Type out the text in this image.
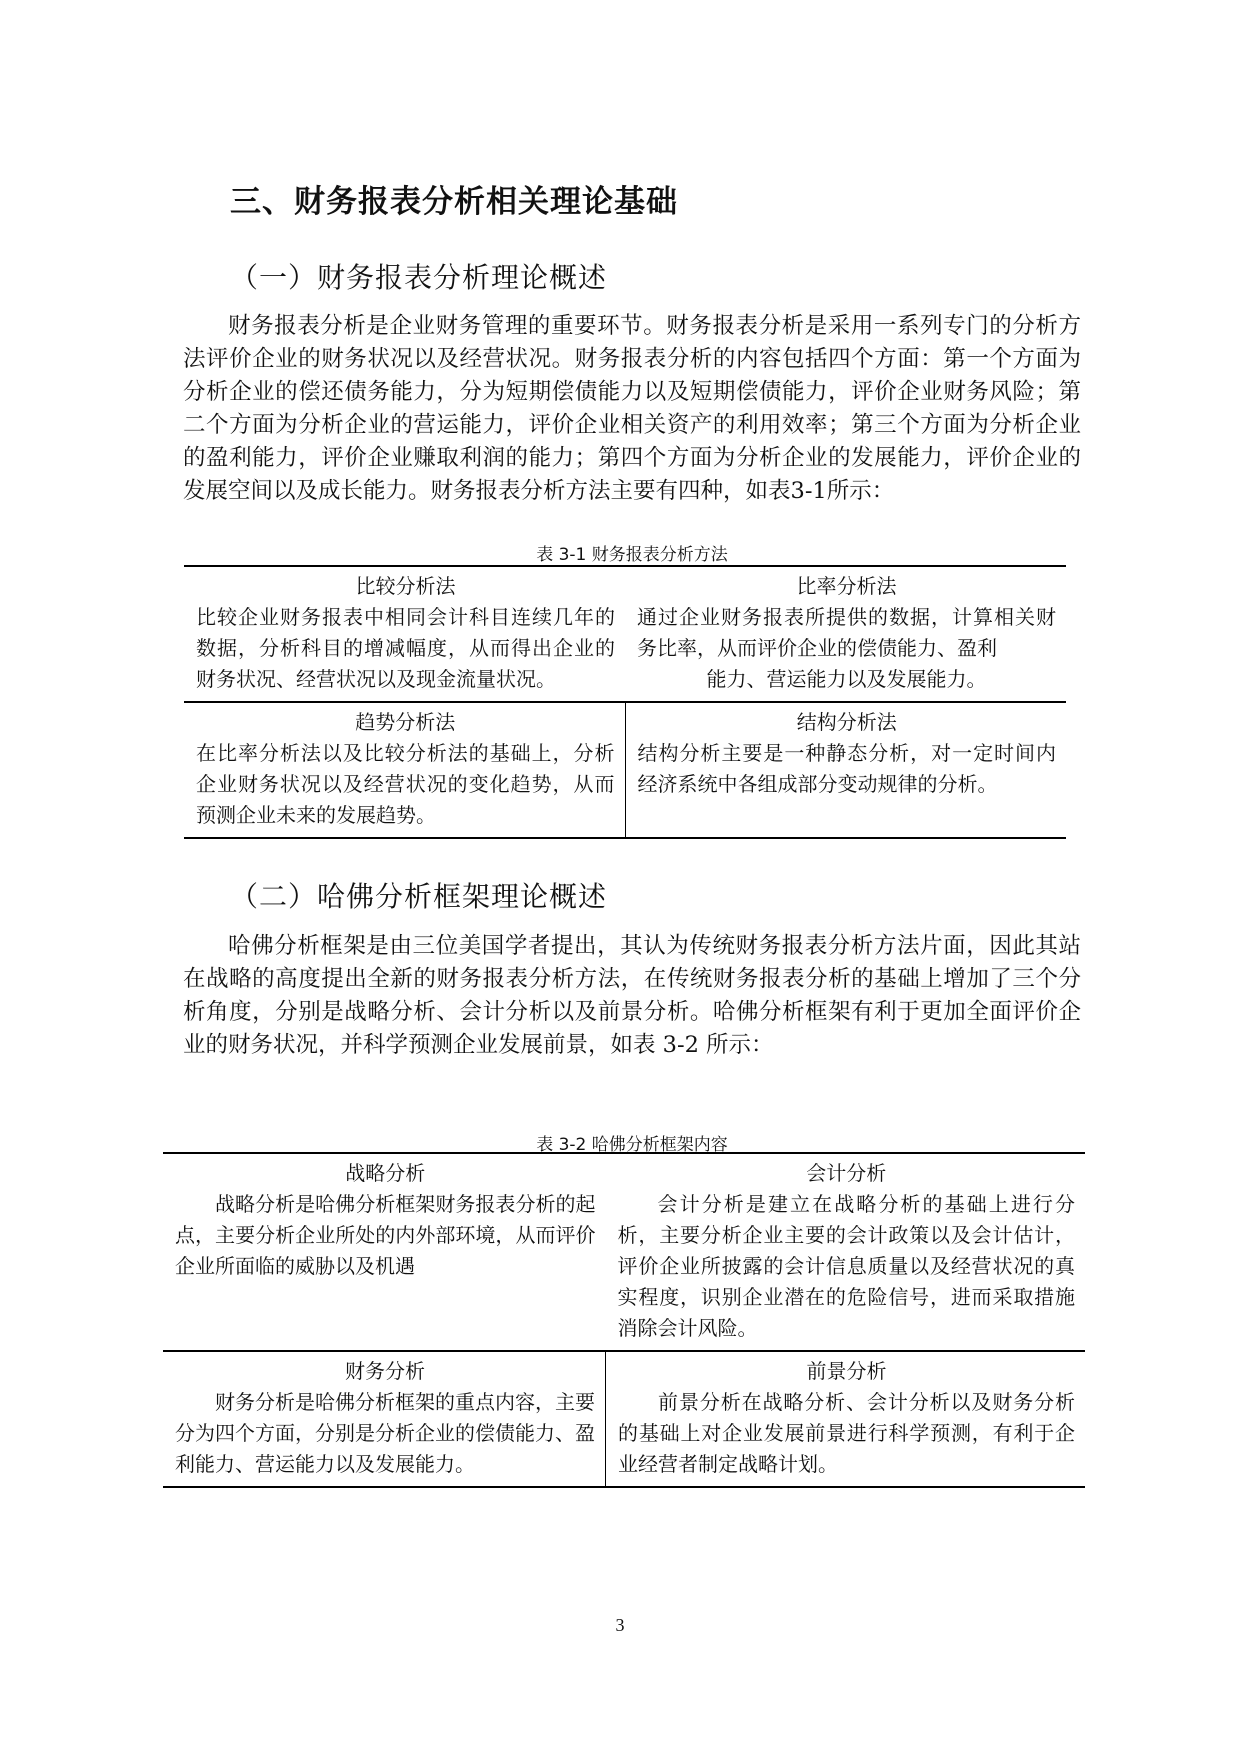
三、财务报表分析相关理论基础
（一）财务报表分析理论概述

财务报表分析是企业财务管理的重要环节。财务报表分析是采用一系列专门的分析方法评价企业的财务状况以及经营状况。财务报表分析的内容包括四个方面：第一个方面为分析企业的偿还债务能力，分为短期偿债能力以及短期偿债能力，评价企业财务风险；第二个方面为分析企业的营运能力，评价企业相关资产的利用效率；第三个方面为分析企业的盈利能力，评价企业赚取利润的能力；第四个方面为分析企业的发展能力，评价企业的发展空间以及成长能力。财务报表分析方法主要有四种，如表3-1所示：

表 3-1 财务报表分析方法

比较分析法
比较企业财务报表中相同会计科目连续几年的数据，分析科目的增减幅度，从而得出企业的财务状况、经营状况以及现金流量状况。	比率分析法
通过企业财务报表所提供的数据，计算相关财务比率，从而评价企业的偿债能力、盈利
能力、营运能力以及发展能力。

趋势分析法
在比率分析法以及比较分析法的基础上，分析企业财务状况以及经营状况的变化趋势，从而预测企业未来的发展趋势。	结构分析法
结构分析主要是一种静态分析，对一定时间内经济系统中各组成部分变动规律的分析。
（二）哈佛分析框架理论概述

哈佛分析框架是由三位美国学者提出，其认为传统财务报表分析方法片面，因此其站在战略的高度提出全新的财务报表分析方法，在传统财务报表分析的基础上增加了三个分析角度，分别是战略分析、会计分析以及前景分析。哈佛分析框架有利于更加全面评价企业的财务状况，并科学预测企业发展前景，如表 3-2 所示：

表 3-2 哈佛分析框架内容

战略分析
战略分析是哈佛分析框架财务报表分析的起点，主要分析企业所处的内外部环境，从而评价企业所面临的威胁以及机遇	会计分析
会计分析是建立在战略分析的基础上进行分析，主要分析企业主要的会计政策以及会计估计，评价企业所披露的会计信息质量以及经营状况的真实程度，识别企业潜在的危险信号，进而采取措施消除会计风险。

财务分析
财务分析是哈佛分析框架的重点内容，主要分为四个方面，分别是分析企业的偿债能力、盈利能力、营运能力以及发展能力。	前景分析
前景分析在战略分析、会计分析以及财务分析的基础上对企业发展前景进行科学预测，有利于企业经营者制定战略计划。

3
